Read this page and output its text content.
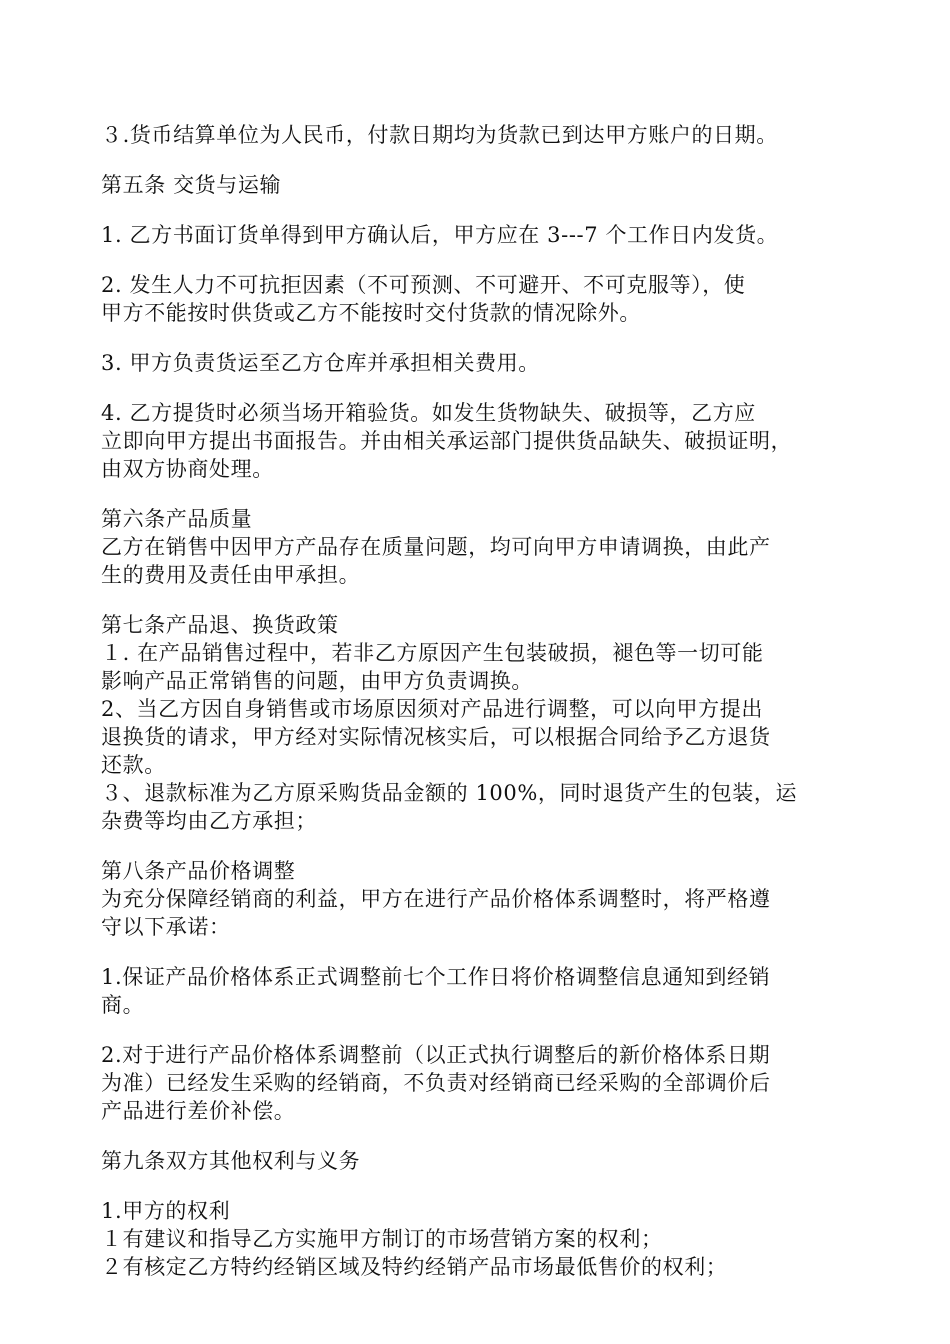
３.货币结算单位为人民币，付款日期均为货款已到达甲方账户的日期。
第五条 交货与运输
1. 乙方书面订货单得到甲方确认后，甲方应在 3---7 个工作日内发货。
2. 发生人力不可抗拒因素（不可预测、不可避开、不可克服等），使
甲方不能按时供货或乙方不能按时交付货款的情况除外。
3. 甲方负责货运至乙方仓库并承担相关费用。
4. 乙方提货时必须当场开箱验货。如发生货物缺失、破损等，乙方应
立即向甲方提出书面报告。并由相关承运部门提供货品缺失、破损证明，
由双方协商处理。
第六条产品质量
乙方在销售中因甲方产品存在质量问题，均可向甲方申请调换，由此产
生的费用及责任由甲承担。
第七条产品退、换货政策
１. 在产品销售过程中，若非乙方原因产生包装破损，褪色等一切可能
影响产品正常销售的问题，由甲方负责调换。
2、当乙方因自身销售或市场原因须对产品进行调整，可以向甲方提出
退换货的请求，甲方经对实际情况核实后，可以根据合同给予乙方退货
还款。
３、退款标准为乙方原采购货品金额的 100%，同时退货产生的包装，运
杂费等均由乙方承担；
第八条产品价格调整
为充分保障经销商的利益，甲方在进行产品价格体系调整时，将严格遵
守以下承诺：
1.保证产品价格体系正式调整前七个工作日将价格调整信息通知到经销
商。
2.对于进行产品价格体系调整前（以正式执行调整后的新价格体系日期
为准）已经发生采购的经销商，不负责对经销商已经采购的全部调价后
产品进行差价补偿。
第九条双方其他权利与义务
1.甲方的权利
１有建议和指导乙方实施甲方制订的市场营销方案的权利；
２有核定乙方特约经销区域及特约经销产品市场最低售价的权利；
